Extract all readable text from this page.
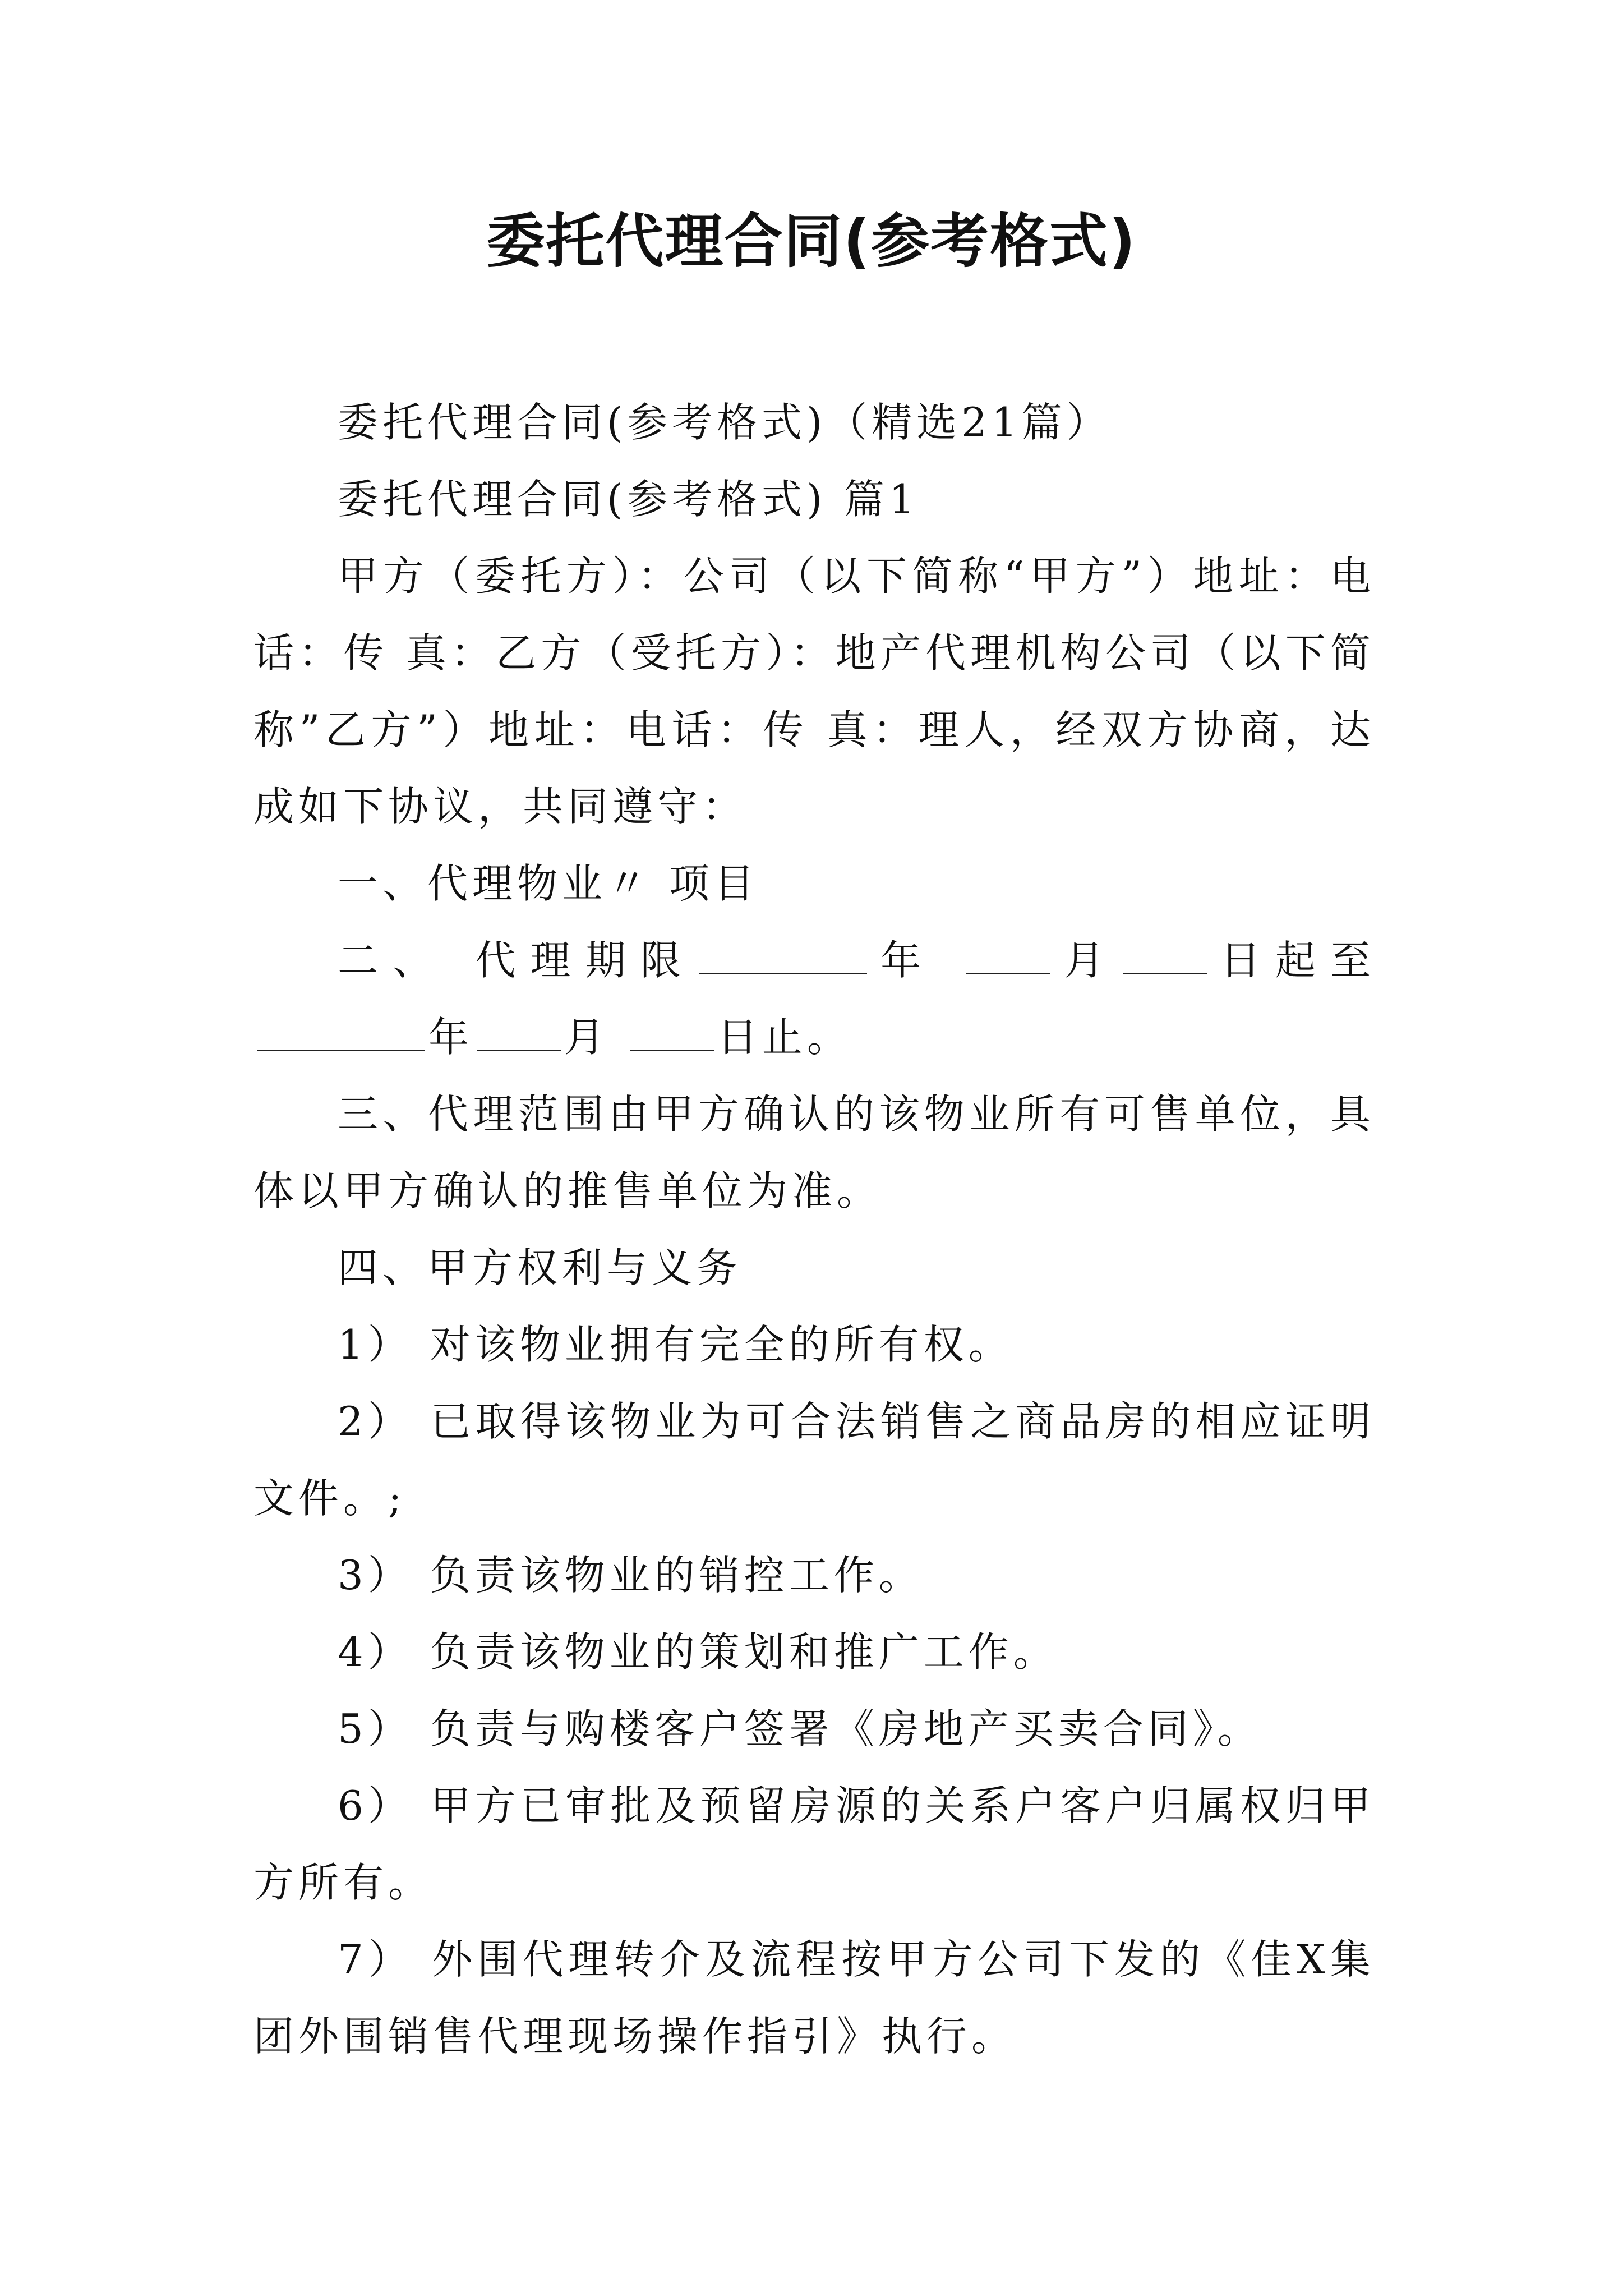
委托代理合同(参考格式)

委托代理合同(参考格式)（精选21篇）

委托代理合同(参考格式) 篇1

甲方（委托方）：公司（以下简称“甲方”）地址：电话：传 真：乙方（受托方）：地产代理机构公司（以下简称”乙方”）地址：电话：传 真：理人，经双方协商，达成如下协议，共同遵守：

一、代理物业〃 项目

二、 代理期限	年 月 日起至年 月 日止。

三、代理范围由甲方确认的该物业所有可售单位，具体以甲方确认的推售单位为准。

四、甲方权利与义务

1） 对该物业拥有完全的所有权。

2） 已取得该物业为可合法销售之商品房的相应证明文件。;

3） 负责该物业的销控工作。

4） 负责该物业的策划和推广工作。

5） 负责与购楼客户签署《房地产买卖合同》。

6） 甲方已审批及预留房源的关系户客户归属权归甲方所有。

7） 外围代理转介及流程按甲方公司下发的《佳X集团外围销售代理现场操作指引》执行。
